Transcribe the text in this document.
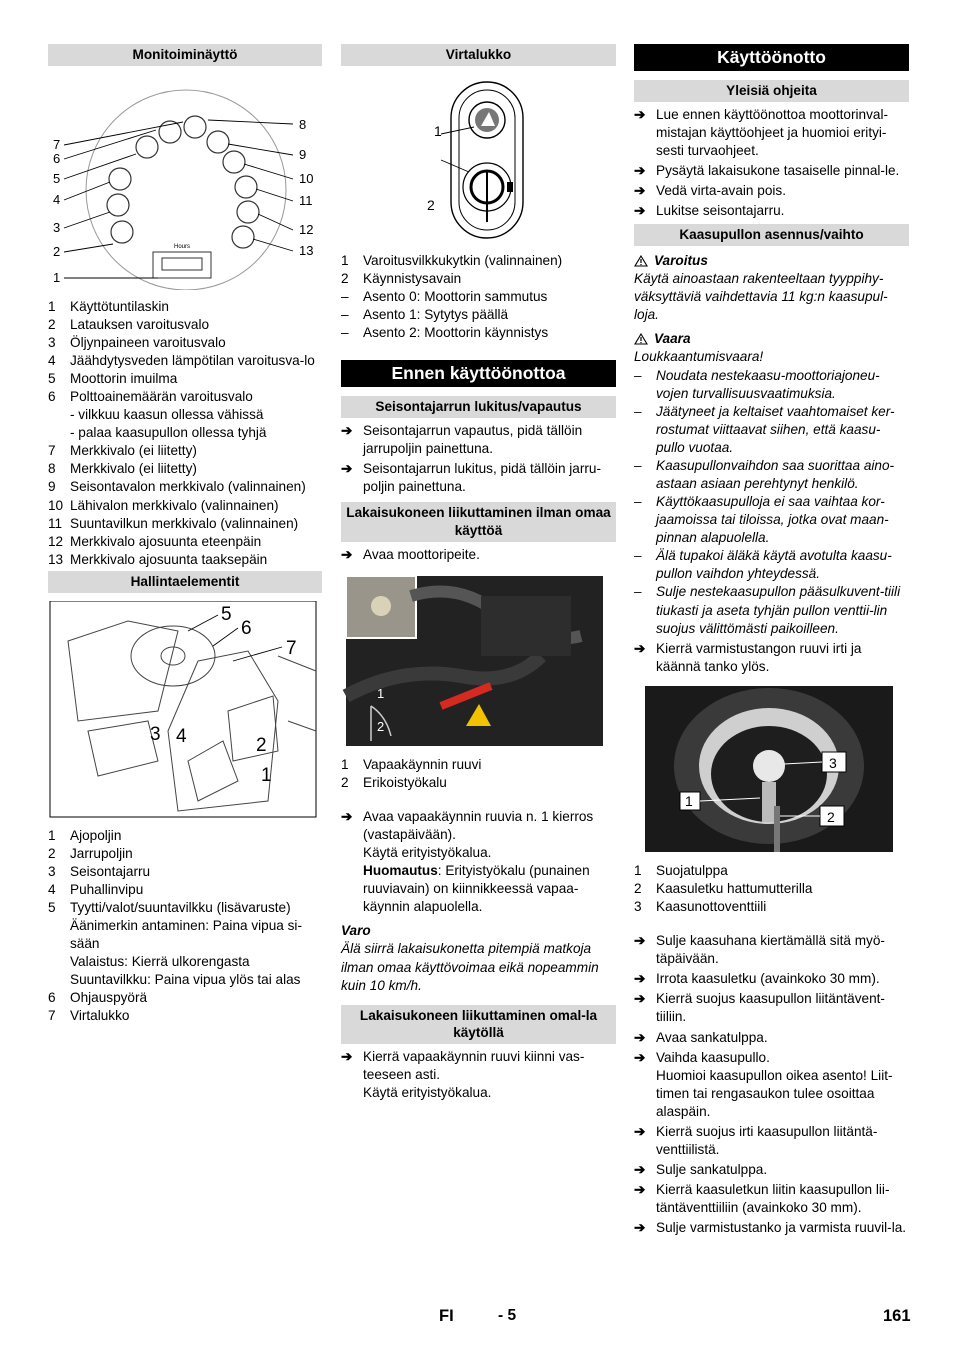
Monitoiminäyttö
Hours
1
2
3
4
5
6
7
8
9
10
11
12
13
1	Käyttötuntilaskin
2	Latauksen varoitusvalo
3	Öljynpaineen varoitusvalo
4	Jäähdytysveden lämpötilan varoitusva-lo
5	Moottorin imuilma
6	Polttoainemäärän varoitusvalo
- vilkkuu kaasun ollessa vähissä
- palaa kaasupullon ollessa tyhjä
7	Merkkivalo (ei liitetty)
8	Merkkivalo (ei liitetty)
9	Seisontavalon merkkivalo (valinnainen)
10 Lähivalon merkkivalo (valinnainen)
11 Suuntavilkun merkkivalo (valinnainen)
12 Merkkivalo ajosuunta eteenpäin
13 Merkkivalo ajosuunta taaksepäin
Hallintaelementit
1
2
3 4
5
6
7
1	Ajopoljin
2	Jarrupoljin
3	Seisontajarru
4	Puhallinvipu
5	Tyytti/valot/suuntavilkku (lisävaruste)
Äänimerkin antaminen: Paina vipua si-sään
Valaistus: Kierrä ulkorengasta
Suuntavilkku: Paina vipua ylös tai alas
6	Ohjauspyörä
7	Virtalukko
Virtalukko
1
2
1	Varoitusvilkkukytkin (valinnainen)
2	Käynnistysavain
–	Asento 0: Moottorin sammutus
–	Asento 1: Sytytys päällä
–	Asento 2: Moottorin käynnistys
Ennen käyttöönottoa
Seisontajarrun lukitus/vapautus
➔ Seisontajarrun vapautus, pidä tällöin jarrupoljin painettuna.
➔ Seisontajarrun lukitus, pidä tällöin jarru-poljin painettuna.
Lakaisukoneen liikuttaminen ilman omaa käyttöä
➔ Avaa moottoripeite.
1
2
1	Vapaakäynnin ruuvi
2	Erikoistyökalu
➔ Avaa vapaakäynnin ruuvia n. 1 kierros (vastapäivään).
Käytä erityistyökalua.
Huomautus: Erityistyökalu (punainen ruuviavain) on kiinnikkeessä vapaa-käynnin alapuolella.
Varo
Älä siirrä lakaisukonetta pitempiä matkoja ilman omaa käyttövoimaa eikä nopeammin kuin 10 km/h.
Lakaisukoneen liikuttaminen omal-la käytöllä
➔ Kierrä vapaakäynnin ruuvi kiinni vas-teeseen asti.
Käytä erityistyökalua.
Käyttöönotto
Yleisiä ohjeita
➔ Lue ennen käyttöönottoa moottorinval-mistajan käyttöohjeet ja huomioi erityi-sesti turvaohjeet.
➔ Pysäytä lakaisukone tasaiselle pinnal-le.
➔ Vedä virta-avain pois.
➔ Lukitse seisontajarru.
Kaasupullon asennus/vaihto
Varoitus
Käytä ainoastaan rakenteeltaan tyyppihy-väksyttäviä vaihdettavia 11 kg:n kaasupul-loja.
Vaara
Loukkaantumisvaara!
–	Noudata nestekaasu-moottoriajoneu-vojen turvallisuusvaatimuksia.
–	Jäätyneet ja keltaiset vaahtomaiset ker-rostumat viittaavat siihen, että kaasu-pullo vuotaa.
–	Kaasupullonvaihdon saa suorittaa aino-astaan asiaan perehtynyt henkilö.
–	Käyttökaasupulloja ei saa vaihtaa kor-jaamoissa tai tiloissa, jotka ovat maan-pinnan alapuolella.
–	Älä tupakoi äläkä käytä avotulta kaasu-pullon vaihdon yhteydessä.
–	Sulje nestekaasupullon pääsulkuvent-tiili tiukasti ja aseta tyhjän pullon venttii-lin suojus välittömästi paikoilleen.
➔ Kierrä varmistustangon ruuvi irti ja käännä tanko ylös.
3
1
2
1	Suojatulppa
2	Kaasuletku hattumutterilla
3	Kaasunottoventtiili
➔ Sulje kaasuhana kiertämällä sitä myö-täpäivään.
➔ Irrota kaasuletku (avainkoko 30 mm).
➔ Kierrä suojus kaasupullon liitäntävent-tiiliin.
➔ Avaa sankatulppa.
➔ Vaihda kaasupullo.
Huomioi kaasupullon oikea asento! Liit-timen tai rengasaukon tulee osoittaa alaspäin.
➔ Kierrä suojus irti kaasupullon liitäntä-venttiilistä.
➔ Sulje sankatulppa.
➔ Kierrä kaasuletkun liitin kaasupullon lii-täntäventtiiliin (avainkoko 30 mm).
➔ Sulje varmistustanko ja varmista ruuvil-la.
FI	- 5	161
